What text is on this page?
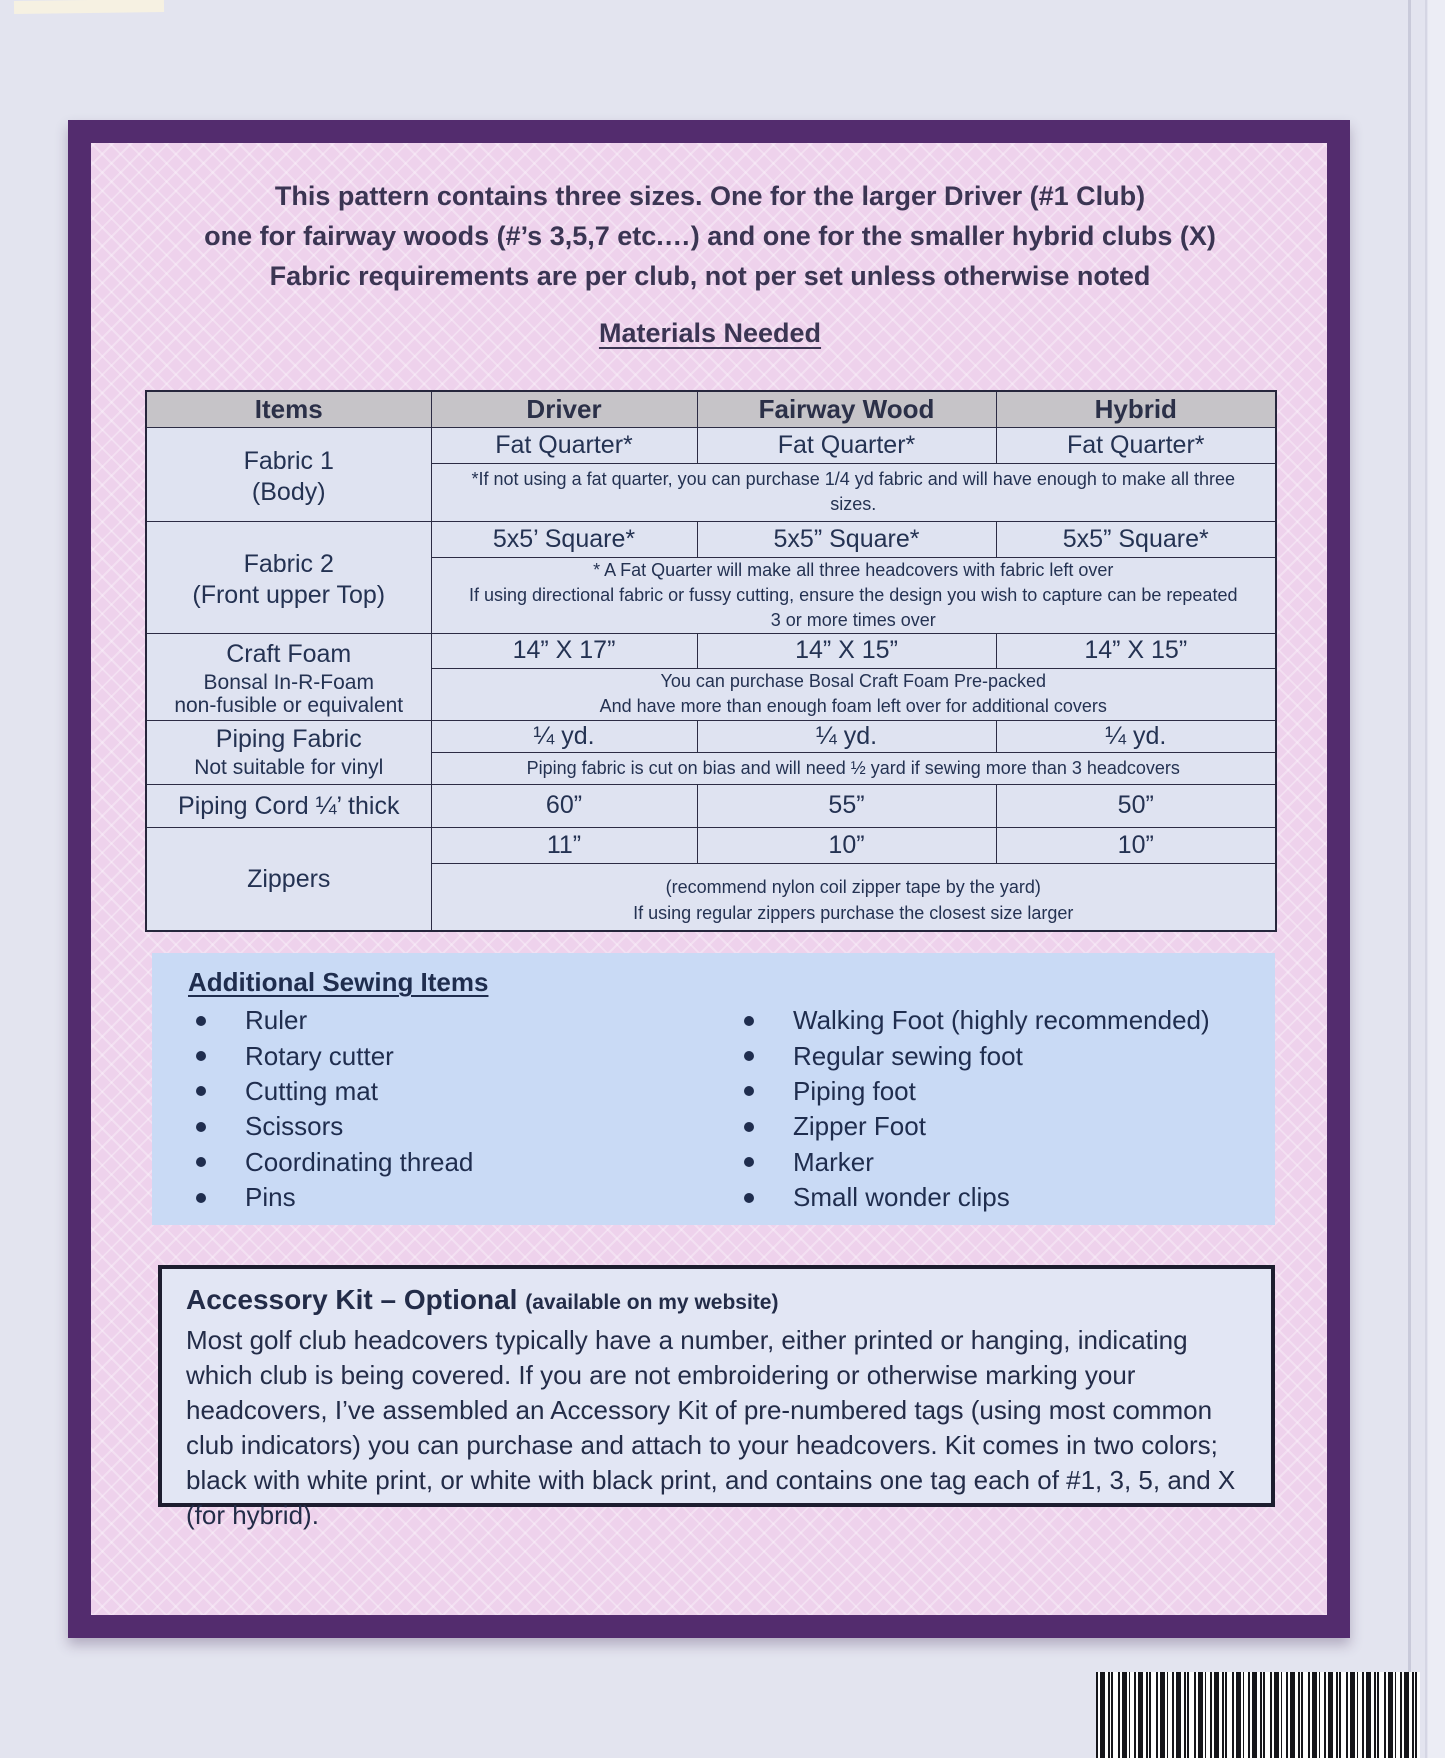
This pattern contains three sizes. One for the larger Driver (#1 Club)
one for fairway woods (#’s 3,5,7 etc.…) and one for the smaller hybrid clubs (X)
Fabric requirements are per club, not per set unless otherwise noted
Materials Needed
Items	Driver	Fairway Wood	Hybrid

Fabric 1
(Body)	Fat Quarter*	Fat Quarter*	Fat Quarter*

	*If not using a fat quarter, you can purchase 1/4 yd fabric and will have enough to make all three
sizes.		

Fabric 2
(Front upper Top)	5x5’ Square*	5x5” Square*	5x5” Square*

	* A Fat Quarter will make all three headcovers with fabric left over
If using directional fabric or fussy cutting, ensure the design you wish to capture can be repeated
3 or more times over		

Craft Foam
Bonsal In-R-Foam
non-fusible or equivalent	14” X 17”	14” X 15”	14” X 15”

	You can purchase Bosal Craft Foam Pre-packed
And have more than enough foam left over for additional covers		

Piping Fabric
Not suitable for vinyl	¼ yd.	¼ yd.	¼ yd.

	Piping fabric is cut on bias and will need ½ yard if sewing more than 3 headcovers		

Piping Cord ¼’ thick	60”	55”	50”

Zippers	11”	10”	10”

	(recommend nylon coil zipper tape by the yard)
If using regular zippers purchase the closest size larger		
Additional Sewing Items
Ruler
Rotary cutter
Cutting mat
Scissors
Coordinating thread
Pins
Walking Foot (highly recommended)
Regular sewing foot
Piping foot
Zipper Foot
Marker
Small wonder clips
Accessory Kit – Optional (available on my website)
Most golf club headcovers typically have a number, either printed or hanging, indicating which club is being covered. If you are not embroidering or otherwise marking your headcovers, I’ve assembled an Accessory Kit of pre-numbered tags (using most common club indicators) you can purchase and attach to your headcovers. Kit comes in two colors; black with white print, or white with black print, and contains one tag each of #1, 3, 5, and X (for hybrid).
